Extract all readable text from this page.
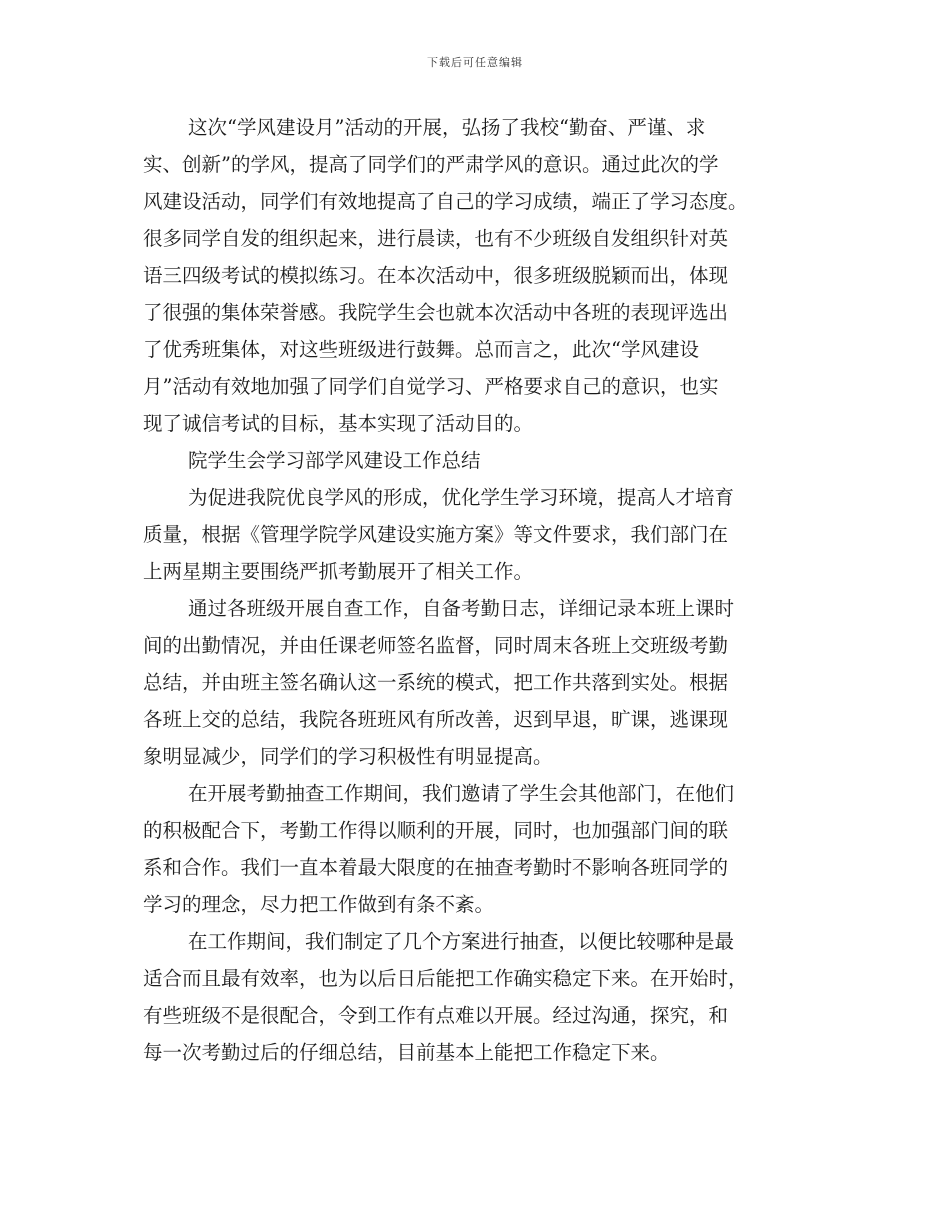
下载后可任意编辑
这次“学风建设月”活动的开展，弘扬了我校“勤奋、严谨、求
实、创新”的学风，提高了同学们的严肃学风的意识。通过此次的学
风建设活动，同学们有效地提高了自己的学习成绩，端正了学习态度。
很多同学自发的组织起来，进行晨读，也有不少班级自发组织针对英
语三四级考试的模拟练习。在本次活动中，很多班级脱颖而出，体现
了很强的集体荣誉感。我院学生会也就本次活动中各班的表现评选出
了优秀班集体，对这些班级进行鼓舞。总而言之，此次“学风建设
月”活动有效地加强了同学们自觉学习、严格要求自己的意识，也实
现了诚信考试的目标，基本实现了活动目的。
院学生会学习部学风建设工作总结
为促进我院优良学风的形成，优化学生学习环境，提高人才培育
质量，根据《管理学院学风建设实施方案》等文件要求，我们部门在
上两星期主要围绕严抓考勤展开了相关工作。
通过各班级开展自查工作，自备考勤日志，详细记录本班上课时
间的出勤情况，并由任课老师签名监督，同时周末各班上交班级考勤
总结，并由班主签名确认这一系统的模式，把工作共落到实处。根据
各班上交的总结，我院各班班风有所改善，迟到早退，旷课，逃课现
象明显减少，同学们的学习积极性有明显提高。
在开展考勤抽查工作期间，我们邀请了学生会其他部门，在他们
的积极配合下，考勤工作得以顺利的开展，同时，也加强部门间的联
系和合作。我们一直本着最大限度的在抽查考勤时不影响各班同学的
学习的理念，尽力把工作做到有条不紊。
在工作期间，我们制定了几个方案进行抽查，以便比较哪种是最
适合而且最有效率，也为以后日后能把工作确实稳定下来。在开始时，
有些班级不是很配合，令到工作有点难以开展。经过沟通，探究，和
每一次考勤过后的仔细总结，目前基本上能把工作稳定下来。
